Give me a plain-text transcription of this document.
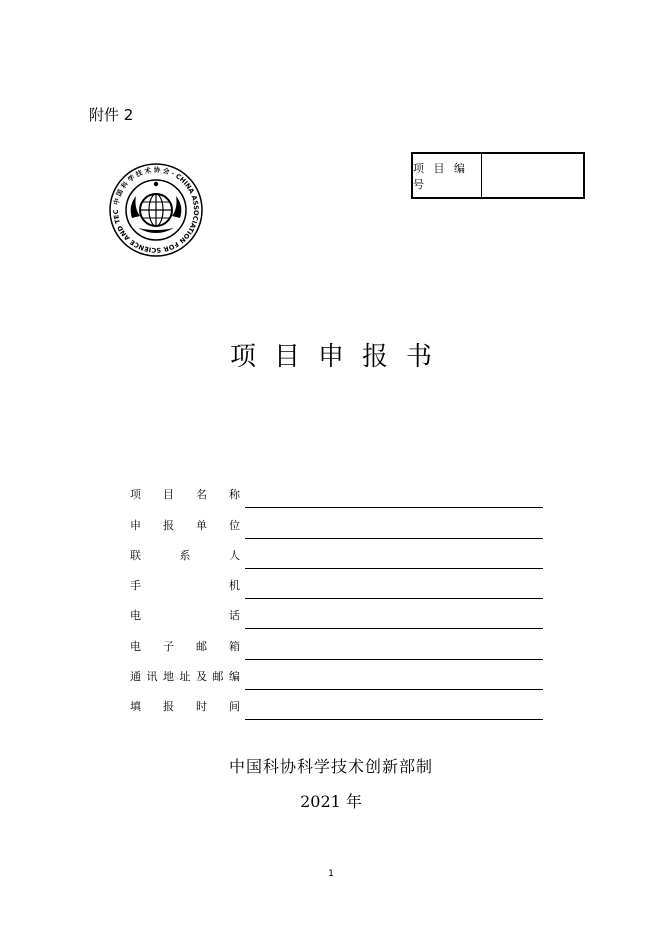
附件 2
中 国 科 学 技 术 协 会 · CHINA ASSOCIATION FOR SCIENCE AND TEC
项 目 编 号
项目申报书
项 目 名 称
申 报 单 位
联	系	人
手	机
电	话
电 子 邮 箱
通 讯 地 址 及 邮 编
填 报 时 间
中国科协科学技术创新部制
2021 年
1
